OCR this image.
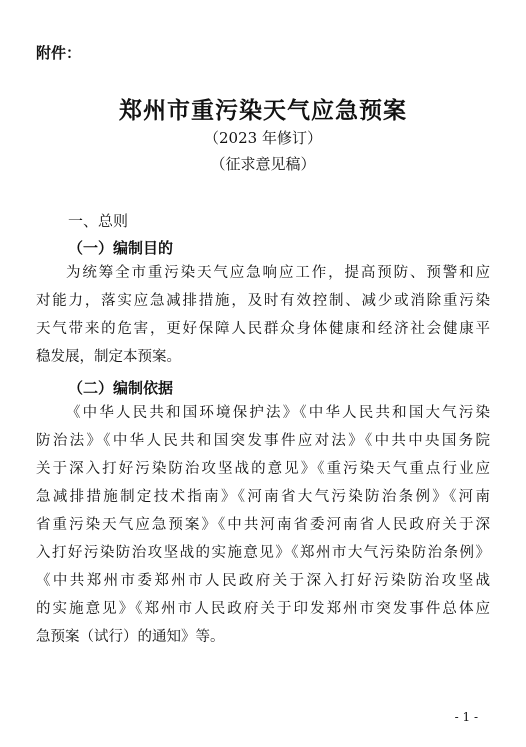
附件：
郑州市重污染天气应急预案
（2023 年修订）
（征求意见稿）
一、总则
（一）编制目的
为统筹全市重污染天气应急响应工作，提高预防、预警和应
对能力，落实应急减排措施，及时有效控制、减少或消除重污染
天气带来的危害，更好保障人民群众身体健康和经济社会健康平
稳发展，制定本预案。
（二）编制依据
《中华人民共和国环境保护法》《中华人民共和国大气污染
防治法》《中华人民共和国突发事件应对法》《中共中央国务院
关于深入打好污染防治攻坚战的意见》《重污染天气重点行业应
急减排措施制定技术指南》《河南省大气污染防治条例》《河南
省重污染天气应急预案》《中共河南省委河南省人民政府关于深
入打好污染防治攻坚战的实施意见》《郑州市大气污染防治条例》
《中共郑州市委郑州市人民政府关于深入打好污染防治攻坚战
的实施意见》《郑州市人民政府关于印发郑州市突发事件总体应
急预案（试行）的通知》等。
- 1 -
